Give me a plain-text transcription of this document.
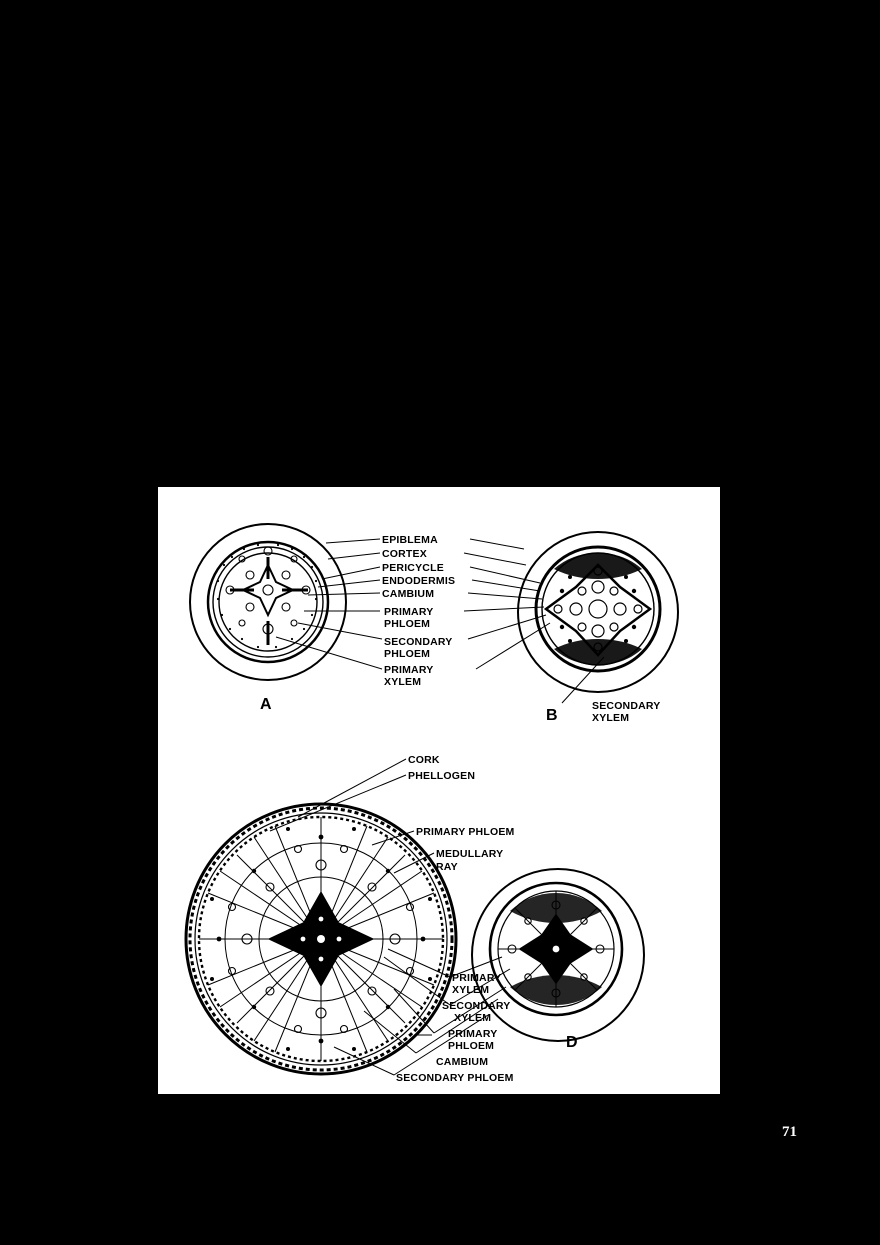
A
B
EPIBLEMA
CORTEX
PERICYCLE
ENDODERMIS
CAMBIUM
PRIMARY
PHLOEM
SECONDARY
PHLOEM
PRIMARY
XYLEM
SECONDARY
XYLEM
D
CORK
PHELLOGEN
PRIMARY PHLOEM
MEDULLARY
RAY
PRIMARY
XYLEM
SECONDARY
XYLEM
PRIMARY
PHLOEM
CAMBIUM
SECONDARY PHLOEM
71
